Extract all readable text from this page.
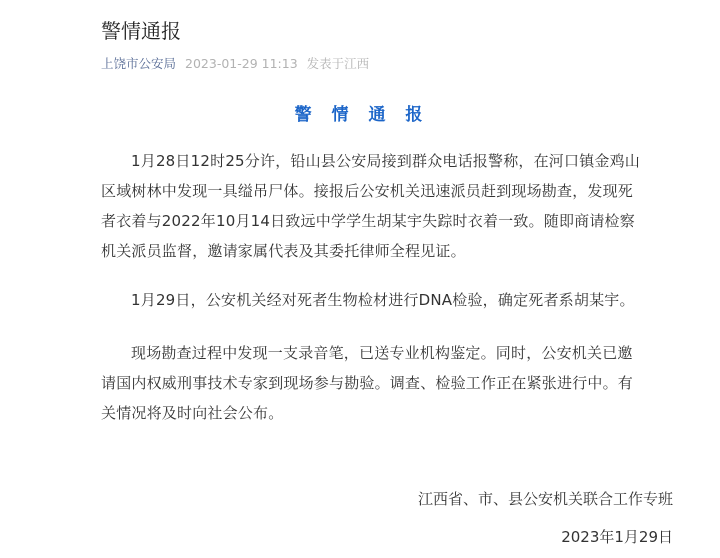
警情通报
上饶市公安局 2023-01-29 11:13 发表于江西
警 情 通 报
1月28日12时25分许，铅山县公安局接到群众电话报警称，在河口镇金鸡山
区域树林中发现一具缢吊尸体。接报后公安机关迅速派员赶到现场勘查，发现死
者衣着与2022年10月14日致远中学学生胡某宇失踪时衣着一致。随即商请检察
机关派员监督，邀请家属代表及其委托律师全程见证。
1月29日，公安机关经对死者生物检材进行DNA检验，确定死者系胡某宇。
现场勘查过程中发现一支录音笔，已送专业机构鉴定。同时，公安机关已邀
请国内权威刑事技术专家到现场参与勘验。调查、检验工作正在紧张进行中。有
关情况将及时向社会公布。
江西省、市、县公安机关联合工作专班
2023年1月29日
